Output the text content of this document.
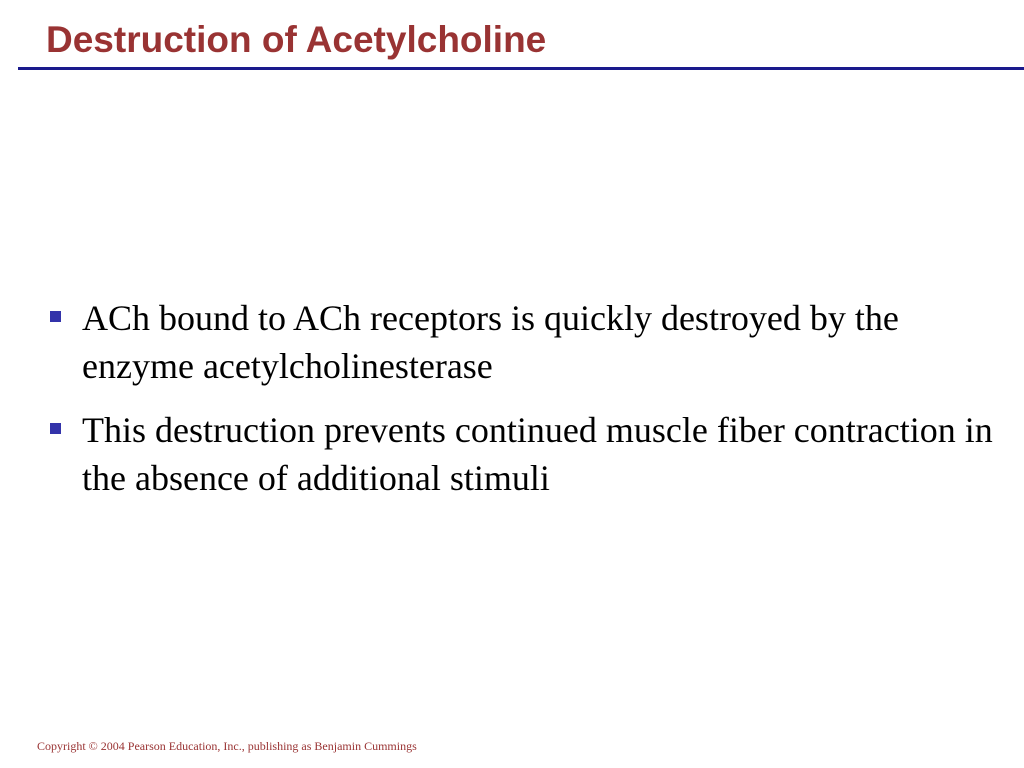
Destruction of Acetylcholine
ACh bound to ACh receptors is quickly destroyed by the enzyme acetylcholinesterase
This destruction prevents continued muscle fiber contraction in the absence of additional stimuli
Copyright © 2004 Pearson Education, Inc., publishing as Benjamin Cummings
